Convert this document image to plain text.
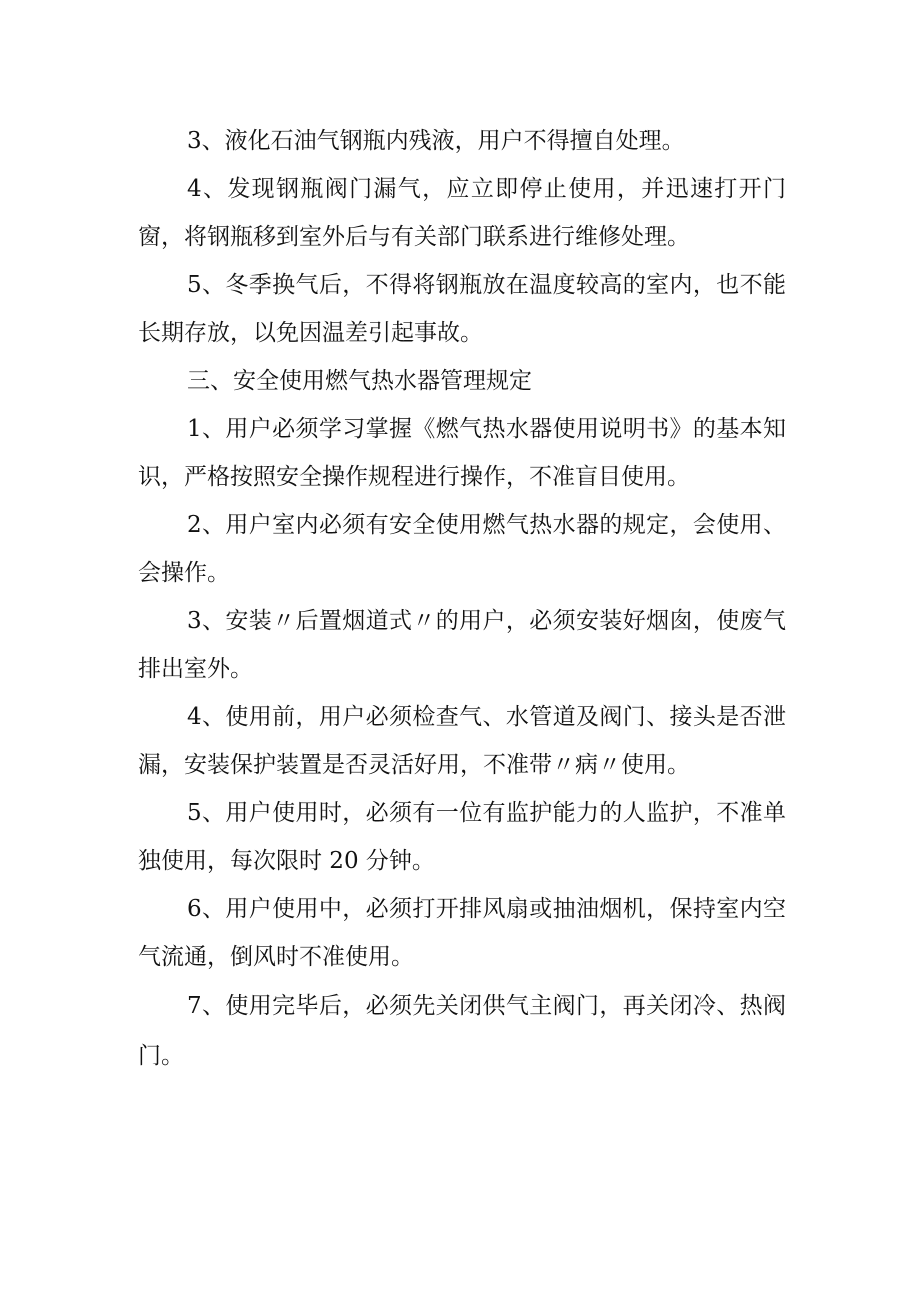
3、液化石油气钢瓶内残液，用户不得擅自处理。

4、发现钢瓶阀门漏气，应立即停止使用，并迅速打开门窗，将钢瓶移到室外后与有关部门联系进行维修处理。

5、冬季换气后，不得将钢瓶放在温度较高的室内，也不能长期存放，以免因温差引起事故。

三、安全使用燃气热水器管理规定

1、用户必须学习掌握《燃气热水器使用说明书》的基本知识，严格按照安全操作规程进行操作，不准盲目使用。

2、用户室内必须有安全使用燃气热水器的规定，会使用、会操作。

3、安装〃后置烟道式〃的用户，必须安装好烟囱，使废气排出室外。

4、使用前，用户必须检查气、水管道及阀门、接头是否泄漏，安装保护装置是否灵活好用，不准带〃病〃使用。

5、用户使用时，必须有一位有监护能力的人监护，不准单独使用，每次限时 20 分钟。

6、用户使用中，必须打开排风扇或抽油烟机，保持室内空气流通，倒风时不准使用。

7、使用完毕后，必须先关闭供气主阀门，再关闭冷、热阀门。
